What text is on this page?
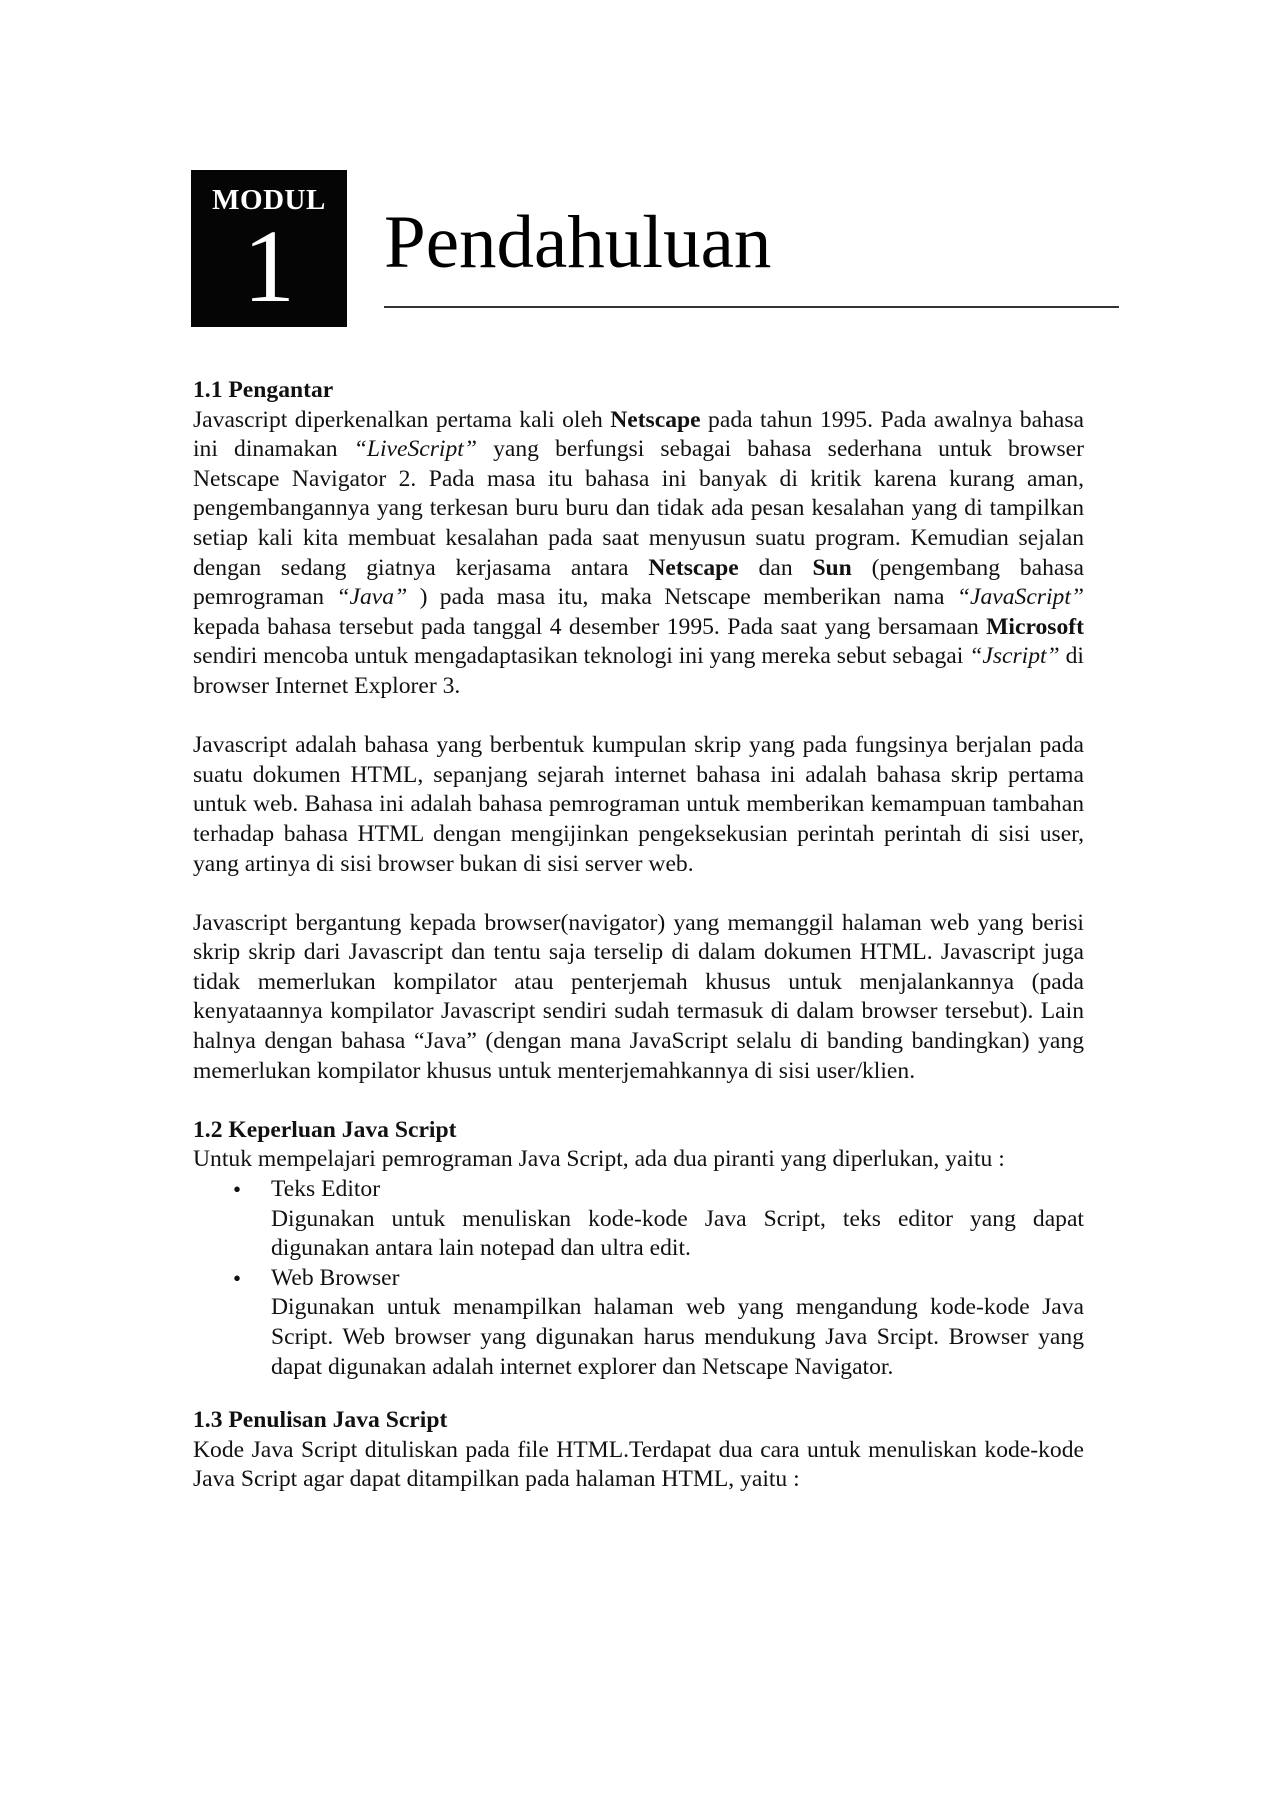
MODUL
1	Pendahuluan

1.1 Pengantar

Javascript diperkenalkan pertama kali oleh Netscape pada tahun 1995. Pada awalnya bahasa ini dinamakan “LiveScript” yang berfungsi sebagai bahasa sederhana untuk browser Netscape Navigator 2. Pada masa itu bahasa ini banyak di kritik karena kurang aman, pengembangannya yang terkesan buru buru dan tidak ada pesan kesalahan yang di tampilkan setiap kali kita membuat kesalahan pada saat menyusun suatu program. Kemudian sejalan dengan sedang giatnya kerjasama antara Netscape dan Sun (pengembang bahasa pemrograman “Java” ) pada masa itu, maka Netscape memberikan nama “JavaScript” kepada bahasa tersebut pada tanggal 4 desember 1995. Pada saat yang bersamaan Microsoft sendiri mencoba untuk mengadaptasikan teknologi ini yang mereka sebut sebagai “Jscript” di browser Internet Explorer 3.

Javascript adalah bahasa yang berbentuk kumpulan skrip yang pada fungsinya berjalan pada suatu dokumen HTML, sepanjang sejarah internet bahasa ini adalah bahasa skrip pertama untuk web. Bahasa ini adalah bahasa pemrograman untuk memberikan kemampuan tambahan terhadap bahasa HTML dengan mengijinkan pengeksekusian perintah perintah di sisi user, yang artinya di sisi browser bukan di sisi server web.

Javascript bergantung kepada browser(navigator) yang memanggil halaman web yang berisi skrip skrip dari Javascript dan tentu saja terselip di dalam dokumen HTML. Javascript juga tidak memerlukan kompilator atau penterjemah khusus untuk menjalankannya (pada kenyataannya kompilator Javascript sendiri sudah termasuk di dalam browser tersebut). Lain halnya dengan bahasa “Java” (dengan mana JavaScript selalu di banding bandingkan) yang memerlukan kompilator khusus untuk menterjemahkannya di sisi user/klien.

1.2 Keperluan Java Script

Untuk mempelajari pemrograman Java Script, ada dua piranti yang diperlukan, yaitu :

• Teks Editor
Digunakan untuk menuliskan kode-kode Java Script, teks editor yang dapat digunakan antara lain notepad dan ultra edit.
• Web Browser
Digunakan untuk menampilkan halaman web yang mengandung kode-kode Java Script. Web browser yang digunakan harus mendukung Java Srcipt. Browser yang dapat digunakan adalah internet explorer dan Netscape Navigator.

1.3 Penulisan Java Script

Kode Java Script dituliskan pada file HTML.Terdapat dua cara untuk menuliskan kode-kode Java Script agar dapat ditampilkan pada halaman HTML, yaitu :
